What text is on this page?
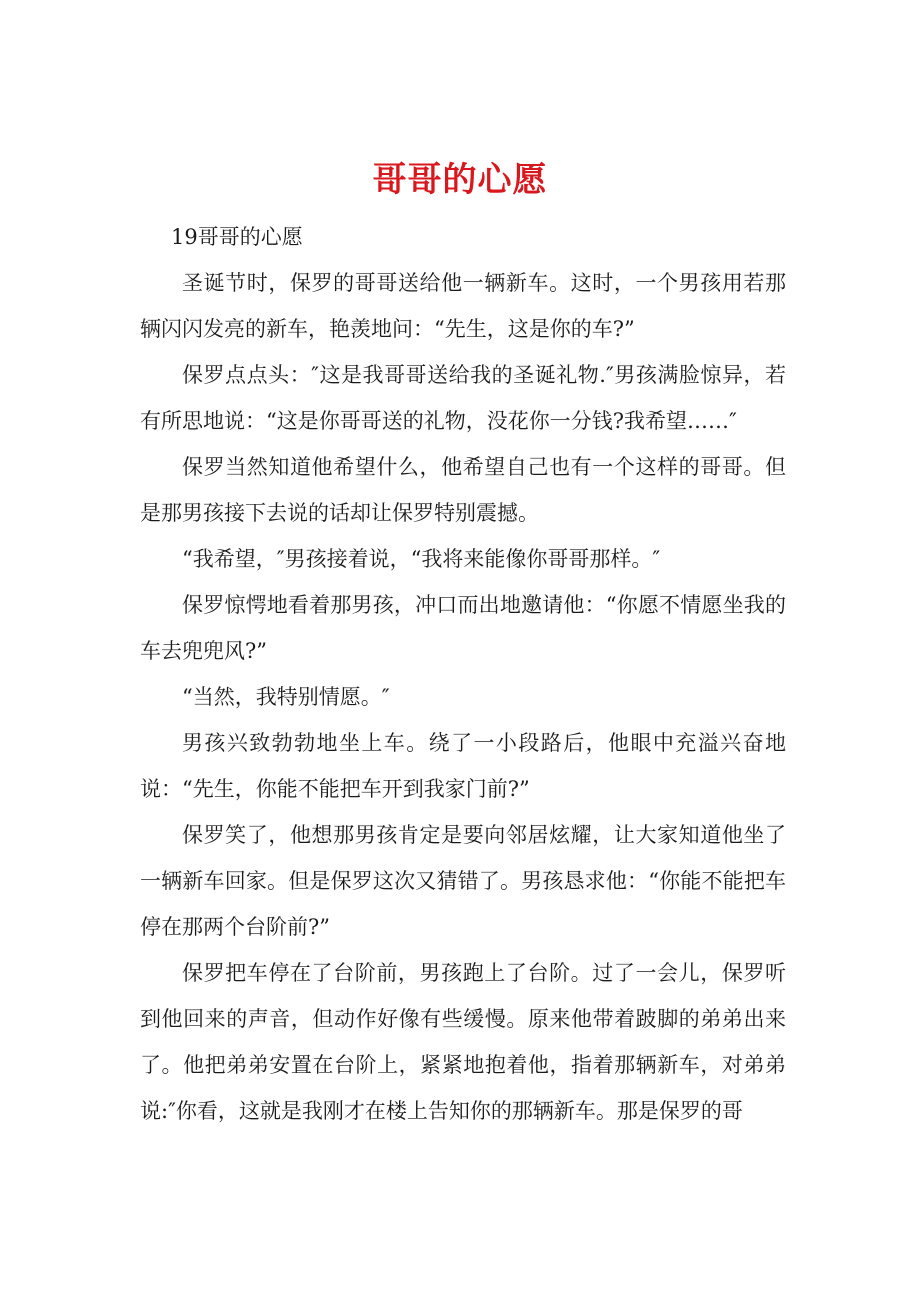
哥哥的心愿

19哥哥的心愿

圣诞节时，保罗的哥哥送给他一辆新车。这时，一个男孩用若那辆闪闪发亮的新车，艳羡地问：“先生，这是你的车?”

保罗点点头：″这是我哥哥送给我的圣诞礼物.″男孩满脸惊异，若有所思地说：“这是你哥哥送的礼物，没花你一分钱?我希望……″

保罗当然知道他希望什么，他希望自己也有一个这样的哥哥。但是那男孩接下去说的话却让保罗特别震撼。

“我希望，″男孩接着说，“我将来能像你哥哥那样。″

保罗惊愕地看着那男孩，冲口而出地邀请他：“你愿不情愿坐我的车去兜兜风?”

“当然，我特别情愿。″

男孩兴致勃勃地坐上车。绕了一小段路后，他眼中充溢兴奋地说：“先生，你能不能把车开到我家门前?”

保罗笑了，他想那男孩肯定是要向邻居炫耀，让大家知道他坐了一辆新车回家。但是保罗这次又猜错了。男孩恳求他：“你能不能把车停在那两个台阶前?”

保罗把车停在了台阶前，男孩跑上了台阶。过了一会儿，保罗听到他回来的声音，但动作好像有些缓慢。原来他带着跛脚的弟弟出来了。他把弟弟安置在台阶上，紧紧地抱着他，指着那辆新车，对弟弟说:″你看，这就是我刚才在楼上告知你的那辆新车。那是保罗的哥
